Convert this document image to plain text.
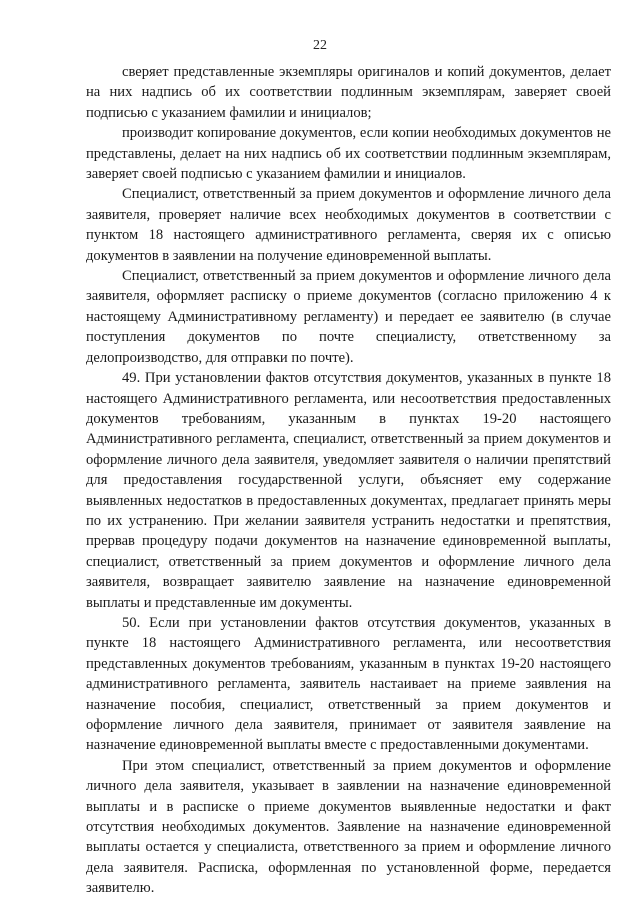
22

сверяет представленные экземпляры оригиналов и копий документов, делает на них надпись об их соответствии подлинным экземплярам, заверяет своей подписью с указанием фамилии и инициалов;

производит копирование документов, если копии необходимых документов не представлены, делает на них надпись об их соответствии подлинным экземплярам, заверяет своей подписью с указанием фамилии и инициалов.

Специалист, ответственный за прием документов и оформление личного дела заявителя, проверяет наличие всех необходимых документов в соответствии с пунктом 18 настоящего административного регламента, сверяя их с описью документов в заявлении на получение единовременной выплаты.

Специалист, ответственный за прием документов и оформление личного дела заявителя, оформляет расписку о приеме документов (согласно приложению 4 к настоящему Административному регламенту) и передает ее заявителю (в случае поступления документов по почте специалисту, ответственному за делопроизводство, для отправки по почте).

49. При установлении фактов отсутствия документов, указанных в пункте 18 настоящего Административного регламента, или несоответствия предоставленных документов требованиям, указанным в пунктах 19-20 настоящего Административного регламента, специалист, ответственный за прием документов и оформление личного дела заявителя, уведомляет заявителя о наличии препятствий для предоставления государственной услуги, объясняет ему содержание выявленных недостатков в предоставленных документах, предлагает принять меры по их устранению. При желании заявителя устранить недостатки и препятствия, прервав процедуру подачи документов на назначение единовременной выплаты, специалист, ответственный за прием документов и оформление личного дела заявителя, возвращает заявителю заявление на назначение единовременной выплаты и представленные им документы.

50. Если при установлении фактов отсутствия документов, указанных в пункте 18 настоящего Административного регламента, или несоответствия представленных документов требованиям, указанным в пунктах 19-20 настоящего административного регламента, заявитель настаивает на приеме заявления на назначение пособия, специалист, ответственный за прием документов и оформление личного дела заявителя, принимает от заявителя заявление на назначение единовременной выплаты вместе с предоставленными документами.

При этом специалист, ответственный за прием документов и оформление личного дела заявителя, указывает в заявлении на назначение единовременной выплаты и в расписке о приеме документов выявленные недостатки и факт отсутствия необходимых документов. Заявление на назначение единовременной выплаты остается у специалиста, ответственного за прием и оформление личного дела заявителя. Расписка, оформленная по установленной форме, передается заявителю.
